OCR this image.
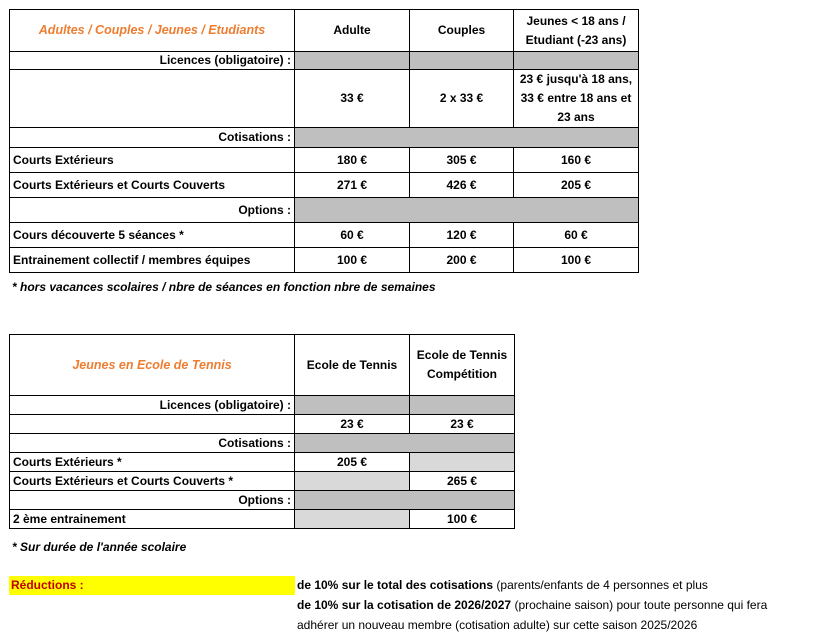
Adultes / Couples / Jeunes / Etudiants	Adulte	Couples	Jeunes < 18 ans / Etudiant (-23 ans)
Licences (obligatoire) :			
	33 €	2 x 33 €	23 € jusqu'à 18 ans, 33 € entre 18 ans et 23 ans
Cotisations :			
Courts Extérieurs	180 €	305 €	160 €
Courts Extérieurs et Courts Couverts	271 €	426 €	205 €
Options :			
Cours découverte 5 séances *	60 €	120 €	60 €
Entrainement collectif / membres équipes	100 €	200 €	100 €
* hors vacances scolaires / nbre de séances en fonction nbre de semaines
Jeunes en Ecole de Tennis	Ecole de Tennis	Ecole de Tennis Compétition
Licences (obligatoire) :		
	23 €	23 €
Cotisations :		
Courts Extérieurs *	205 €	
Courts Extérieurs et Courts Couverts *		265 €
Options :		
2 ème entrainement		100 €
* Sur durée de l'année scolaire
Réductions :	de 10% sur le total des cotisations (parents/enfants de 4 personnes et plus
de 10% sur la cotisation de 2026/2027 (prochaine saison) pour toute personne qui fera
adhérer un nouveau membre (cotisation adulte) sur cette saison 2025/2026
